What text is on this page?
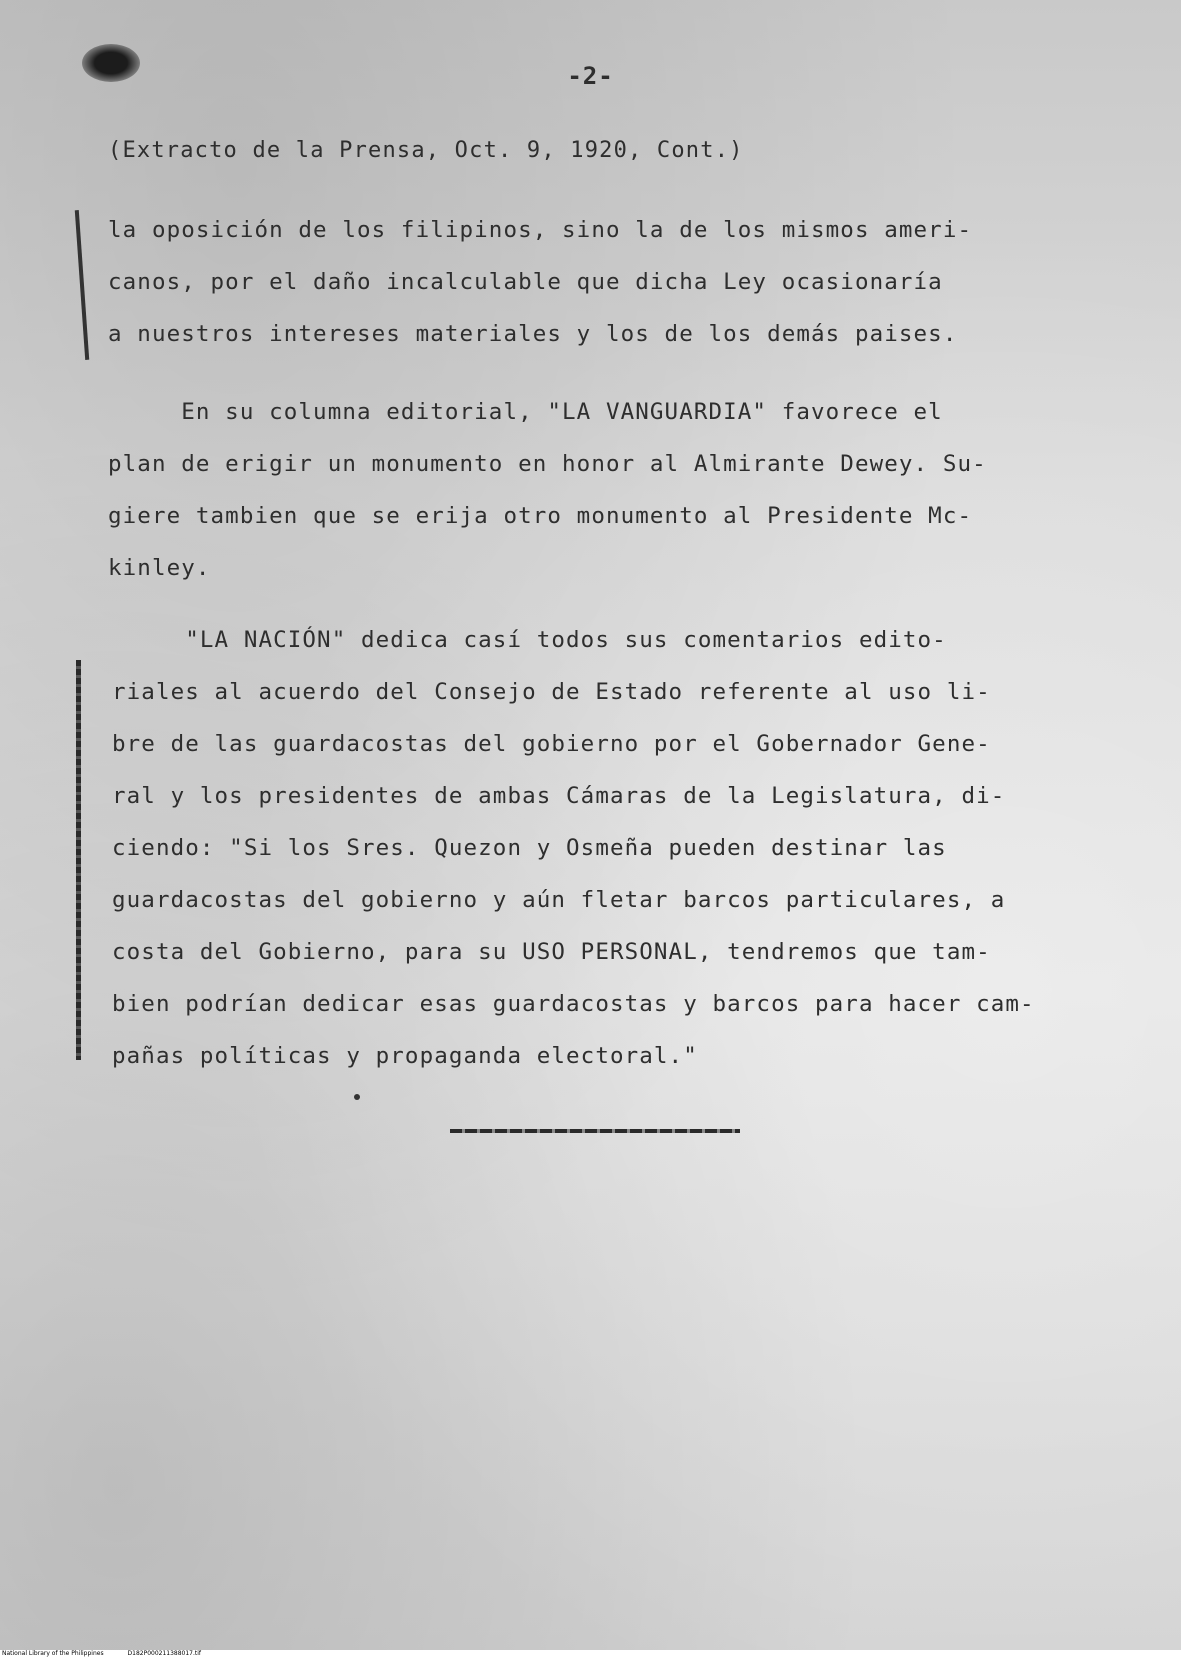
-2-
(Extracto de la Prensa, Oct. 9, 1920, Cont.)
la oposición de los filipinos, sino la de los mismos ameri-
canos, por el daño incalculable que dicha Ley ocasionaría
a nuestros intereses materiales y los de los demás paises.
En su columna editorial, "LA VANGUARDIA" favorece el
plan de erigir un monumento en honor al Almirante Dewey. Su-
giere tambien que se erija otro monumento al Presidente Mc-
kinley.
"LA NACIÓN" dedica casí todos sus comentarios edito-
riales al acuerdo del Consejo de Estado referente al uso li-
bre de las guardacostas del gobierno por el Gobernador Gene-
ral y los presidentes de ambas Cámaras de la Legislatura, di-
ciendo: "Si los Sres. Quezon y Osmeña pueden destinar las
guardacostas del gobierno y aún fletar barcos particulares, a
costa del Gobierno, para su USO PERSONAL, tendremos que tam-
bien podrían dedicar esas guardacostas y barcos para hacer cam-
pañas políticas y propaganda electoral."
National Library of the Philippines	D182P000211388017.tif
